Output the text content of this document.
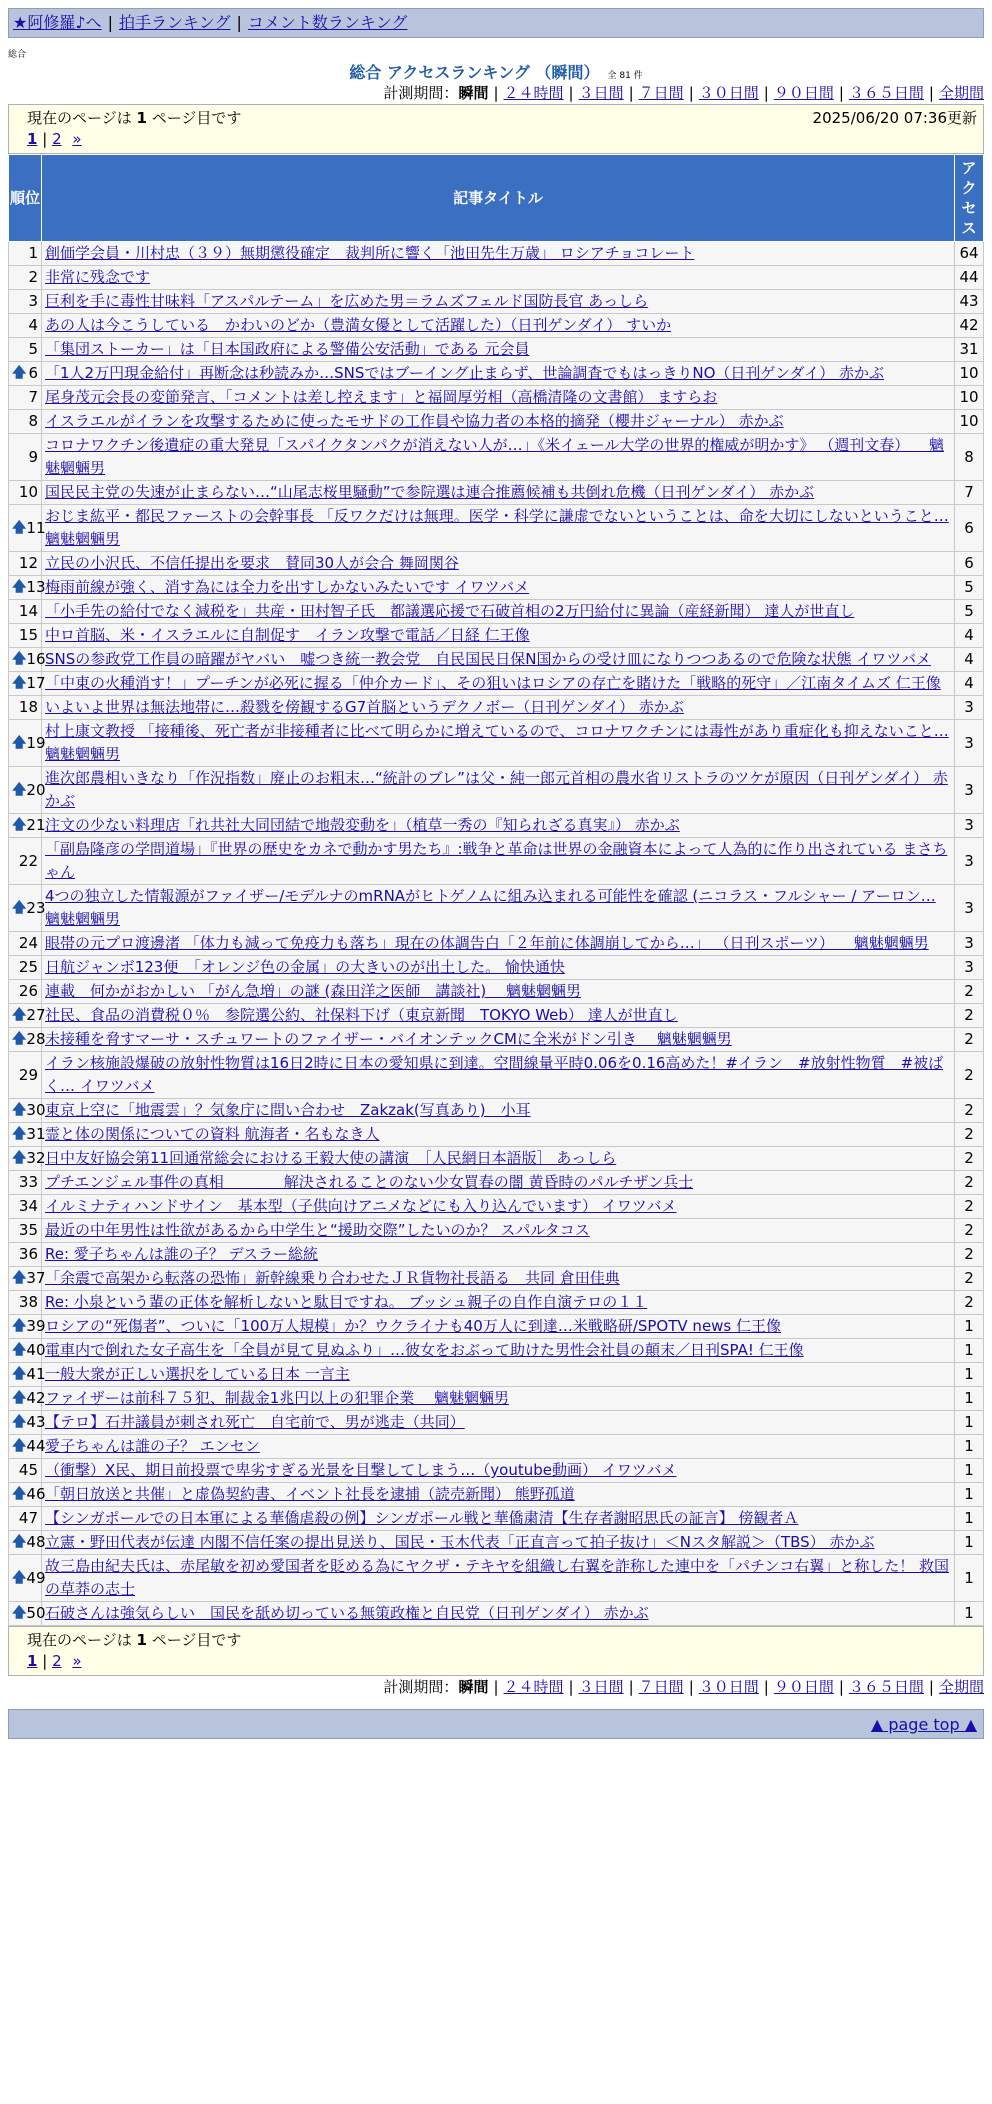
★阿修羅♪へ | 拍手ランキング | コメント数ランキング
総合
総合 アクセスランキング （瞬間） 全 81 件
計測期間：瞬間 | ２４時間 | ３日間 | ７日間 | ３０日間 | ９０日間 | ３６５日間 | 全期間
現在のページは 1 ページ目です	2025/06/20 07:36更新
1 | 2 »
順位	記事タイトル	アクセス
1	創価学会員・川村忠（３９）無期懲役確定　裁判所に響く「池田先生万歳」 ロシアチョコレート	64
2	非常に残念です	44
3	巨利を手に毒性甘味料「アスパルテーム」を広めた男＝ラムズフェルド国防長官 あっしら	43
4	あの人は今こうしている　かわいのどか（豊満女優として活躍した）（日刊ゲンダイ） すいか	42
5	「集団ストーカー」は「日本国政府による警備公安活動」である 元会員	31

🡅 6	「1人2万円現金給付」再断念は秒読みか…SNSではブーイング止まらず、世論調査でもはっきりNO（日刊ゲンダイ） 赤かぶ	10
7	尾身茂元会長の変節発言、「コメントは差し控えます」と福岡厚労相（高橋清隆の文書館） ますらお	10
8	イスラエルがイランを攻撃するために使ったモサドの工作員や協力者の本格的摘発（櫻井ジャーナル） 赤かぶ	10
9	コロナワクチン後遺症の重大発見「スパイクタンパクが消えない人が…」《米イェール大学の世界的権威が明かす》 （週刊文春） 　魑魅魍魎男	8
10	国民民主党の失速が止まらない…“山尾志桜里騒動”で参院選は連合推薦候補も共倒れ危機（日刊ゲンダイ） 赤かぶ	7

🡅 11	おじま紘平・都民ファーストの会幹事長 「反ワクだけは無理。医学・科学に謙虚でないということは、命を大切にしないということ… 魑魅魍魎男	6
12	立民の小沢氏、不信任提出を要求　賛同30人が会合 舞岡関谷	6

🡅 13	梅雨前線が強く、消す為には全力を出すしかないみたいです イワツバメ	5
14	「小手先の給付でなく減税を」共産・田村智子氏　都議選応援で石破首相の2万円給付に異論（産経新聞） 達人が世直し	5
15	中ロ首脳、米・イスラエルに自制促す　イラン攻撃で電話／日経 仁王像	4

🡅 16	SNSの参政党工作員の暗躍がヤバい　嘘つき統一教会党　自民国民日保N国からの受け皿になりつつあるので危険な状態 イワツバメ	4

🡅 17	「中東の火種消す！」プーチンが必死に握る「仲介カード」、その狙いはロシアの存亡を賭けた「戦略的死守」／江南タイムズ 仁王像	4
18	いよいよ世界は無法地帯に…殺戮を傍観するG7首脳というデクノボー（日刊ゲンダイ） 赤かぶ	3

🡅 19	村上康文教授 「接種後、死亡者が非接種者に比べて明らかに増えているので、コロナワクチンには毒性があり重症化も抑えないこと… 魑魅魍魎男	3

🡅 20	進次郎農相いきなり「作況指数」廃止のお粗末…“統計のブレ”は父・純一郎元首相の農水省リストラのツケが原因（日刊ゲンダイ） 赤かぶ	3

🡅 21	注文の少ない料理店「れ共社大同団結で地殻変動を」（植草一秀の『知られざる真実』） 赤かぶ	3
22	「副島隆彦の学問道場」『世界の歴史をカネで動かす男たち』:戦争と革命は世界の金融資本によって人為的に作り出されている まさちゃん	3

🡅 23	4つの独立した情報源がファイザー/モデルナのmRNAがヒトゲノムに組み込まれる可能性を確認 (ニコラス・フルシャー / アーロン… 魑魅魍魎男	3
24	眼帯の元プロ渡邊渚 「体力も減って免疫力も落ち」現在の体調告白「２年前に体調崩してから…」 （日刊スポーツ） 　魑魅魍魎男	3
25	日航ジャンボ123便　「オレンジ色の金属」の大きいのが出土した。 愉快通快	3
26	連載　何かがおかしい 「がん急増」の謎 (森田洋之医師　講談社)　 魑魅魍魎男	2

🡅 27	社民、食品の消費税０％　参院選公約、社保料下げ（東京新聞　TOKYO Web） 達人が世直し	2

🡅 28	未接種を脅すマーサ・スチュワートのファイザー・バイオンテックCMに全米がドン引き　 魑魅魍魎男	2
29	イラン核施設爆破の放射性物質は16日2時に日本の愛知県に到達。空間線量平時0.06を0.16高めた！#イラン　#放射性物質　#被ばく… イワツバメ	2

🡅 30	東京上空に「地震雲」？気象庁に問い合わせ　Zakzak(写真あり)　小耳	2

🡅 31	霊と体の関係についての資料 航海者・名もなき人	2

🡅 32	日中友好協会第11回通常総会における王毅大使の講演　［人民網日本語版］ あっしら	2
33	プチエンジェル事件の真相　　　　解決されることのない少女買春の闇 黄昏時のパルチザン兵士	2
34	イルミナティハンドサイン　基本型（子供向けアニメなどにも入り込んでいます） イワツバメ	2
35	最近の中年男性は性欲があるから中学生と“援助交際”したいのか？ スパルタコス	2
36	Re: 愛子ちゃんは誰の子？ デスラー総統	2

🡅 37	「余震で高架から転落の恐怖」新幹線乗り合わせたＪＲ貨物社長語る　共同 倉田佳典	2
38	Re: 小泉という輩の正体を解析しないと駄目ですね。 ブッシュ親子の自作自演テロの１１	2

🡅 39	ロシアの“死傷者”、ついに「100万人規模」か？ウクライナも40万人に到達…米戦略研/SPOTV news 仁王像	1

🡅 40	電車内で倒れた女子高生を「全員が見て見ぬふり」…彼女をおぶって助けた男性会社員の顛末／日刊SPA! 仁王像	1

🡅 41	一般大衆が正しい選択をしている日本 一言主	1

🡅 42	ファイザーは前科７５犯、制裁金1兆円以上の犯罪企業　 魑魅魍魎男	1

🡅 43	【テロ】石井議員が刺され死亡　自宅前で、男が逃走（共同）	1

🡅 44	愛子ちゃんは誰の子？ エンセン	1
45	（衝撃）X民、期日前投票で卑劣すぎる光景を目撃してしまう…（youtube動画） イワツバメ	1

🡅 46	「朝日放送と共催」と虚偽契約書、イベント社長を逮捕（読売新聞） 熊野孤道	1
47	【シンガポールでの日本軍による華僑虐殺の例】シンガポール戦と華僑粛清【生存者謝昭思氏の証言】 傍観者Ａ	1

🡅 48	立憲・野田代表が伝達 内閣不信任案の提出見送り、国民・玉木代表「正直言って拍子抜け」＜Nスタ解説＞（TBS） 赤かぶ	1

🡅 49	故三島由紀夫氏は、赤尾敏を初め愛国者を貶める為にヤクザ・テキヤを組織し右翼を詐称した連中を「パチンコ右翼」と称した！ 救国の草莽の志士	1

🡅 50	石破さんは強気らしい　国民を舐め切っている無策政権と自民党（日刊ゲンダイ） 赤かぶ	1
現在のページは 1 ページ目です
1 | 2 »
計測期間：瞬間 | ２４時間 | ３日間 | ７日間 | ３０日間 | ９０日間 | ３６５日間 | 全期間
▲ page top ▲
